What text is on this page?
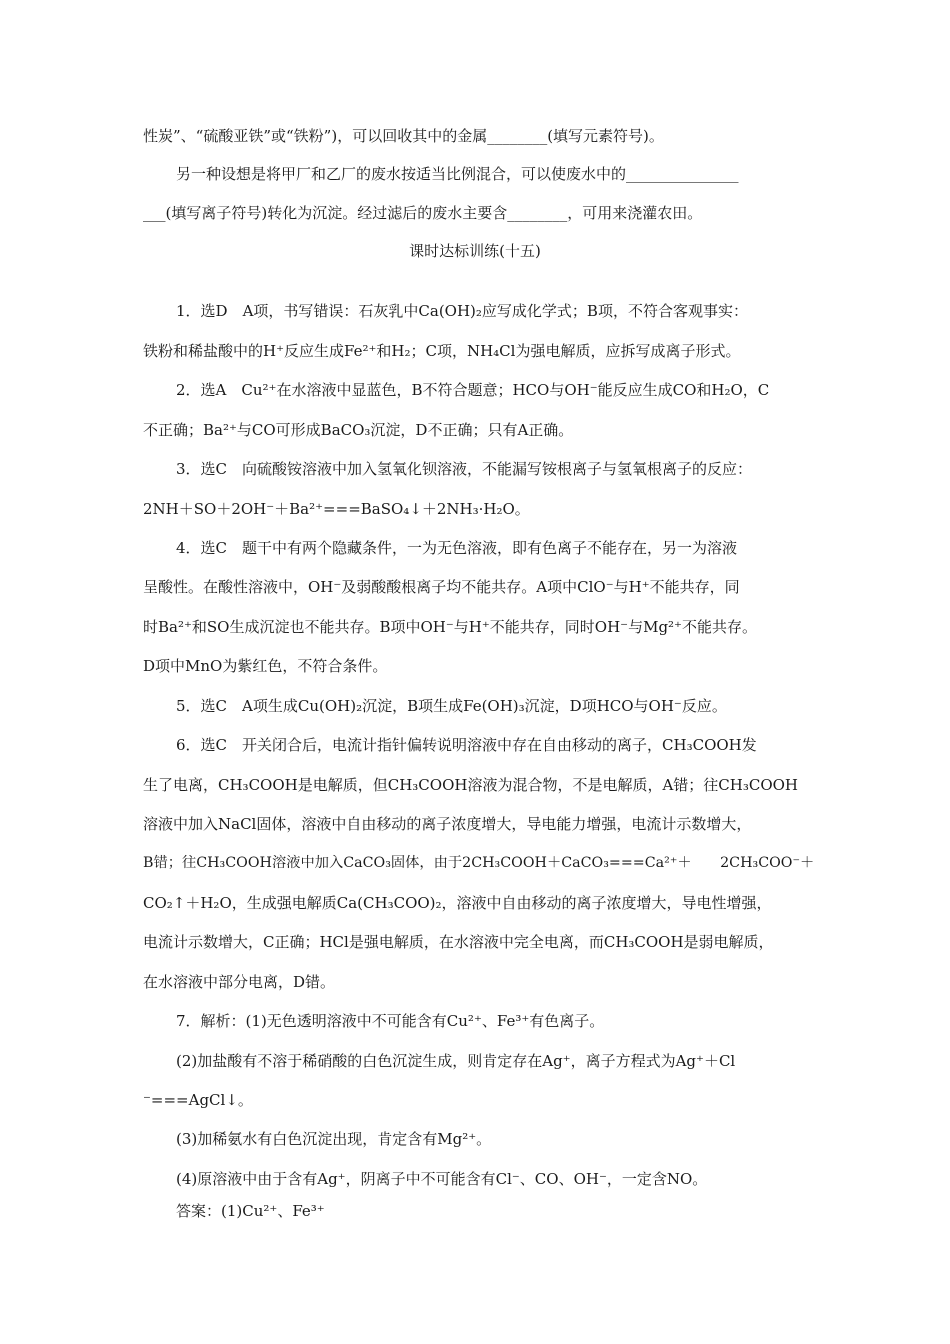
性炭”、“硫酸亚铁”或“铁粉”)，可以回收其中的金属________(填写元素符号)。
另一种设想是将甲厂和乙厂的废水按适当比例混合，可以使废水中的_______________
___(填写离子符号)转化为沉淀。经过滤后的废水主要含________，可用来浇灌农田。
课时达标训练(十五)
1．选D　A项，书写错误：石灰乳中Ca(OH)₂应写成化学式；B项，不符合客观事实：
铁粉和稀盐酸中的H⁺反应生成Fe²⁺和H₂；C项，NH₄Cl为强电解质，应拆写成离子形式。
2．选A　Cu²⁺在水溶液中显蓝色，B不符合题意；HCO与OH⁻能反应生成CO和H₂O，C
不正确；Ba²⁺与CO可形成BaCO₃沉淀，D不正确；只有A正确。
3．选C　向硫酸铵溶液中加入氢氧化钡溶液，不能漏写铵根离子与氢氧根离子的反应：
2NH＋SO＋2OH⁻＋Ba²⁺===BaSO₄↓＋2NH₃·H₂O。
4．选C　题干中有两个隐藏条件，一为无色溶液，即有色离子不能存在，另一为溶液
呈酸性。在酸性溶液中，OH⁻及弱酸酸根离子均不能共存。A项中ClO⁻与H⁺不能共存，同
时Ba²⁺和SO生成沉淀也不能共存。B项中OH⁻与H⁺不能共存，同时OH⁻与Mg²⁺不能共存。
D项中MnO为紫红色，不符合条件。
5．选C　A项生成Cu(OH)₂沉淀，B项生成Fe(OH)₃沉淀，D项HCO与OH⁻反应。
6．选C　开关闭合后，电流计指针偏转说明溶液中存在自由移动的离子，CH₃COOH发
生了电离，CH₃COOH是电解质，但CH₃COOH溶液为混合物，不是电解质，A错；往CH₃COOH
溶液中加入NaCl固体，溶液中自由移动的离子浓度增大，导电能力增强，电流计示数增大，
B错；往CH₃COOH溶液中加入CaCO₃固体，由于2CH₃COOH＋CaCO₃===Ca²⁺＋　　2CH₃COO⁻＋
CO₂↑＋H₂O，生成强电解质Ca(CH₃COO)₂，溶液中自由移动的离子浓度增大，导电性增强，
电流计示数增大，C正确；HCl是强电解质，在水溶液中完全电离，而CH₃COOH是弱电解质，
在水溶液中部分电离，D错。
7．解析：(1)无色透明溶液中不可能含有Cu²⁺、Fe³⁺有色离子。
(2)加盐酸有不溶于稀硝酸的白色沉淀生成，则肯定存在Ag⁺，离子方程式为Ag⁺＋Cl
⁻===AgCl↓。
(3)加稀氨水有白色沉淀出现，肯定含有Mg²⁺。
(4)原溶液中由于含有Ag⁺，阴离子中不可能含有Cl⁻、CO、OH⁻，一定含NO。
答案：(1)Cu²⁺、Fe³⁺
